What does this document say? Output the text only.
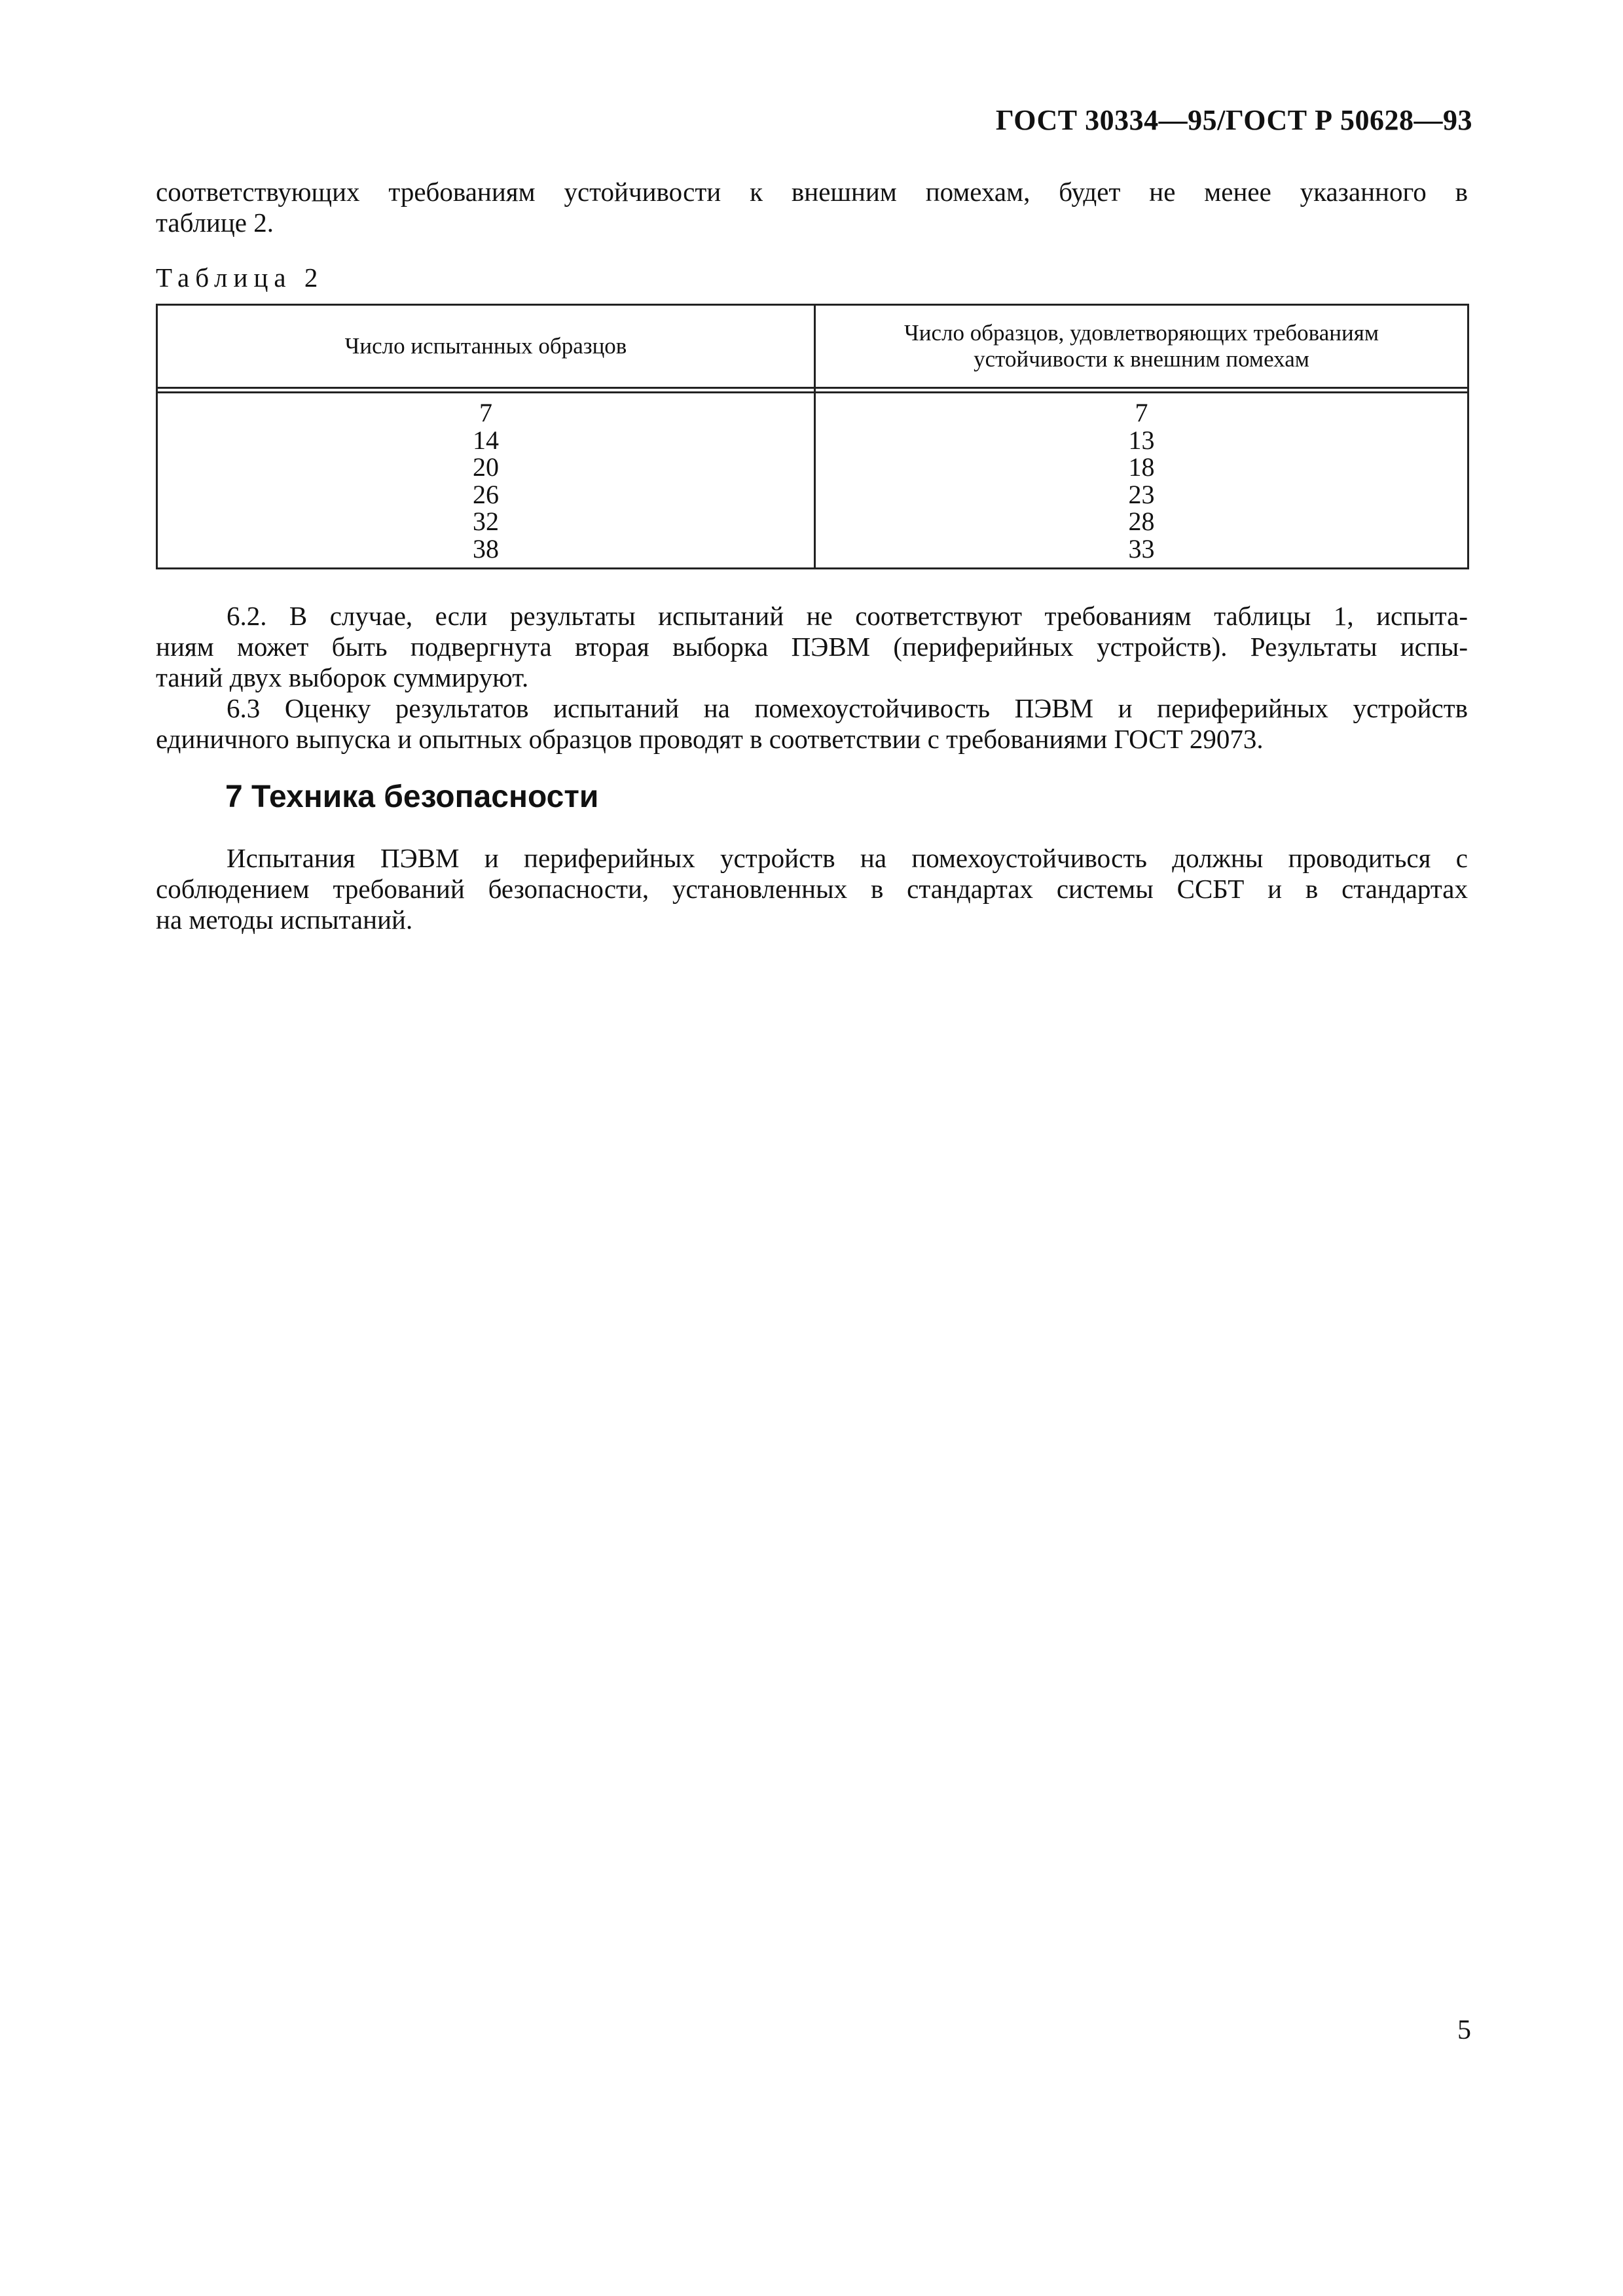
ГОСТ 30334—95/ГОСТ Р 50628—93
соответствующих требованиям устойчивости к внешним помехам, будет не менее указанного в
таблице 2.
Таблица 2
Число испытанных образцов
Число образцов, удовлетворяющих требованиям
устойчивости к внешним помехам
7
14
20
26
32
38
7
13
18
23
28
33
6.2. В случае, если результаты испытаний не соответствуют требованиям таблицы 1, испыта-
ниям может быть подвергнута вторая выборка ПЭВМ (периферийных устройств). Результаты испы-
таний двух выборок суммируют.
6.3 Оценку результатов испытаний на помехоустойчивость ПЭВМ и периферийных устройств
единичного выпуска и опытных образцов проводят в соответствии с требованиями ГОСТ 29073.
7 Техника безопасности
Испытания ПЭВМ и периферийных устройств на помехоустойчивость должны проводиться с
соблюдением требований безопасности, установленных в стандартах системы ССБТ и в стандартах
на методы испытаний.
5
